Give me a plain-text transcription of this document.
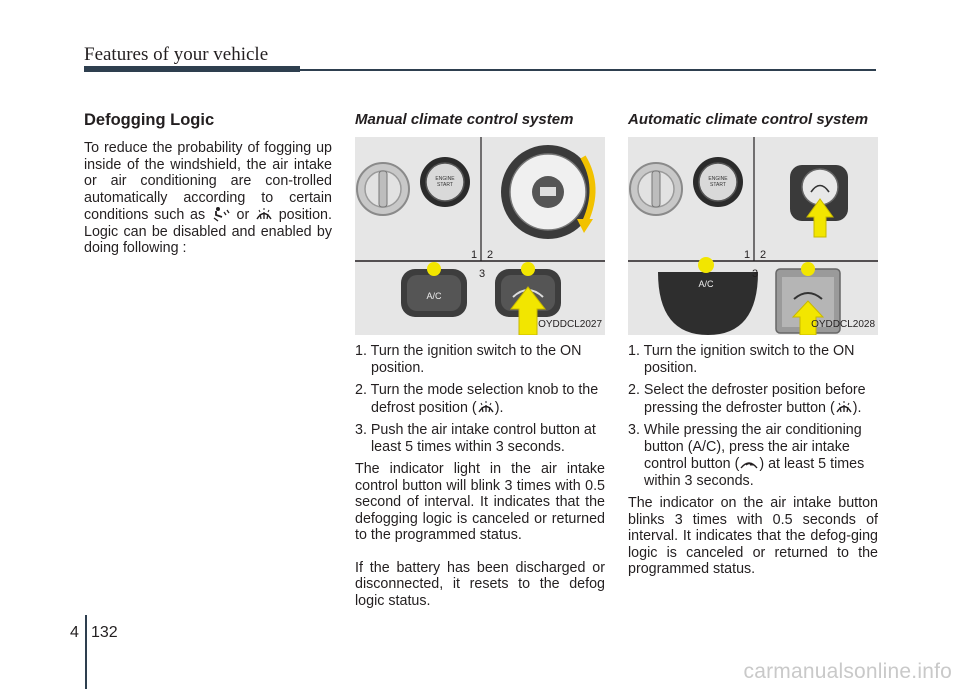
Features of your vehicle
Defogging Logic

To reduce the probability of fogging up inside of the windshield, the air intake or air conditioning are con-trolled automatically according to certain conditions such as or position. Logic can be disabled and enabled by doing following :

Manual climate control system
ENGINE
START
A/C
1 2
3
OYDDCL2027
1. Turn the ignition switch to the ON position.
2. Turn the mode selection knob to the defrost position ( ).
3. Push the air intake control button at least 5 times within 3 seconds.

The indicator light in the air intake control button will blink 3 times with 0.5 second of interval. It indicates that the defogging logic is canceled or returned to the programmed status.

If the battery has been discharged or disconnected, it resets to the defog logic status.

Automatic climate control system
ENGINE
START
A/C
1 2
3
OYDDCL2028
1. Turn the ignition switch to the ON position.
2. Select the defroster position before pressing the defroster button ( ).
3. While pressing the air conditioning button (A/C), press the air intake control button ( ) at least 5 times within 3 seconds.

The indicator on the air intake button blinks 3 times with 0.5 seconds of interval. It indicates that the defog-ging logic is canceled or returned to the programmed status.

4 132
carmanualsonline.info
